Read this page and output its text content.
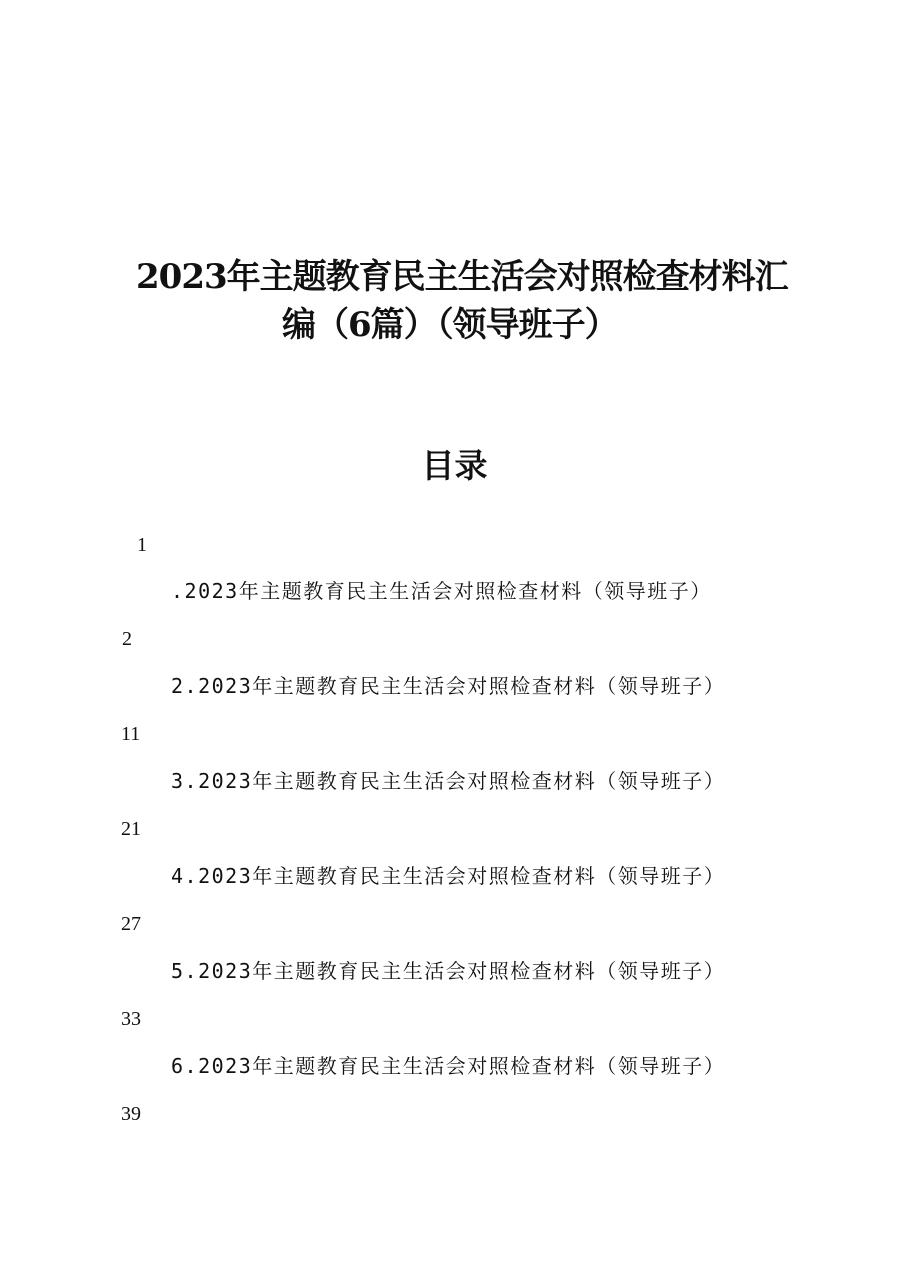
2023年主题教育民主生活会对照检查材料汇
编（6篇）（领导班子）
目录
1
.2023年主题教育民主生活会对照检查材料（领导班子）
2
2.2023年主题教育民主生活会对照检查材料（领导班子）
11
3.2023年主题教育民主生活会对照检查材料（领导班子）
21
4.2023年主题教育民主生活会对照检查材料（领导班子）
27
5.2023年主题教育民主生活会对照检查材料（领导班子）
33
6.2023年主题教育民主生活会对照检查材料（领导班子）
39
